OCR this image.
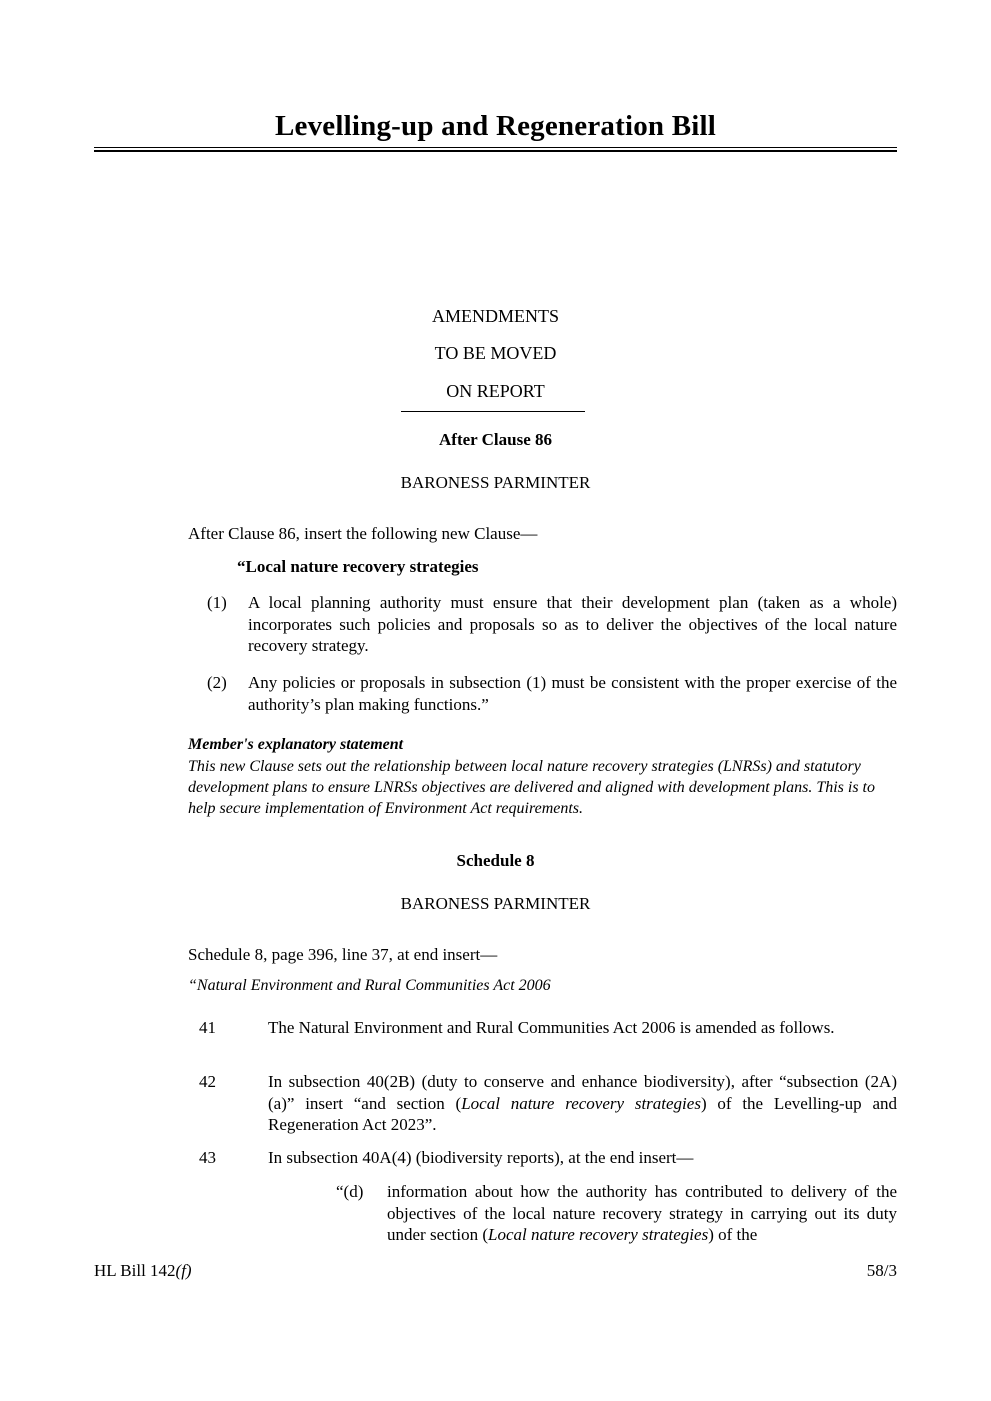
Levelling-up and Regeneration Bill
AMENDMENTS
TO BE MOVED
ON REPORT
After Clause 86
BARONESS PARMINTER
After Clause 86, insert the following new Clause—
“Local nature recovery strategies
(1) A local planning authority must ensure that their development plan (taken as a whole) incorporates such policies and proposals so as to deliver the objectives of the local nature recovery strategy.
(2) Any policies or proposals in subsection (1) must be consistent with the proper exercise of the authority’s plan making functions.”
Member's explanatory statement
This new Clause sets out the relationship between local nature recovery strategies (LNRSs) and statutory development plans to ensure LNRSs objectives are delivered and aligned with development plans. This is to help secure implementation of Environment Act requirements.
Schedule 8
BARONESS PARMINTER
Schedule 8, page 396, line 37, at end insert—
“Natural Environment and Rural Communities Act 2006
41	The Natural Environment and Rural Communities Act 2006 is amended as follows.
42	In subsection 40(2B) (duty to conserve and enhance biodiversity), after “subsection (2A)(a)” insert “and section (Local nature recovery strategies) of the Levelling-up and Regeneration Act 2023”.
43	In subsection 40A(4) (biodiversity reports), at the end insert—
“(d) information about how the authority has contributed to delivery of the objectives of the local nature recovery strategy in carrying out its duty under section (Local nature recovery strategies) of the
HL Bill 142(f)	58/3
